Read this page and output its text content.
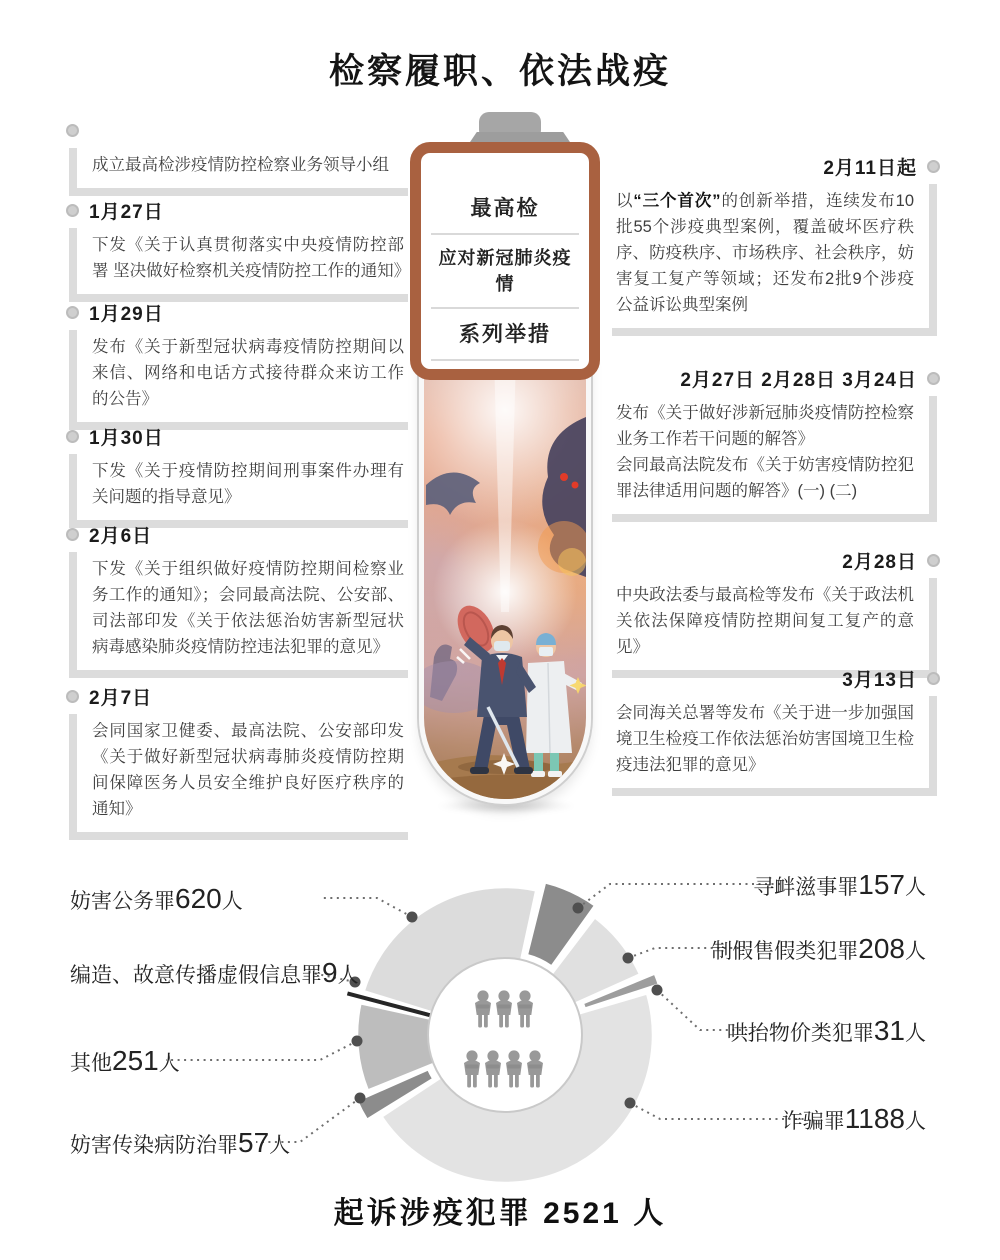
检察履职、依法战疫

成立最高检涉疫情防控检察业务领导小组

1月27日

下发《关于认真贯彻落实中央疫情防控部署 坚决做好检察机关疫情防控工作的通知》

1月29日

发布《关于新型冠状病毒疫情防控期间以来信、网络和电话方式接待群众来访工作的公告》

1月30日

下发《关于疫情防控期间刑事案件办理有关问题的指导意见》

2月6日

下发《关于组织做好疫情防控期间检察业务工作的通知》；会同最高法院、公安部、司法部印发《关于依法惩治妨害新型冠状病毒感染肺炎疫情防控违法犯罪的意见》

2月7日

会同国家卫健委、最高法院、公安部印发《关于做好新型冠状病毒肺炎疫情防控期间保障医务人员安全维护良好医疗秩序的通知》

2月11日起

以“三个首次”的创新举措，连续发布10批55个涉疫典型案例，覆盖破坏医疗秩序、防疫秩序、市场秩序、社会秩序，妨害复工复产等领域；还发布2批9个涉疫公益诉讼典型案例

2月27日 2月28日 3月24日

发布《关于做好涉新冠肺炎疫情防控检察业务工作若干问题的解答》

会同最高法院发布《关于妨害疫情防控犯罪法律适用问题的解答》(一) (二)

2月28日

中央政法委与最高检等发布《关于政法机关依法保障疫情防控期间复工复产的意见》

3月13日

会同海关总署等发布《关于进一步加强国境卫生检疫工作依法惩治妨害国境卫生检疫违法犯罪的意见》

最高检
应对新冠肺炎疫情
系列举措
妨害公务罪620人
编造、故意传播虚假信息罪9人
其他251人
妨害传染病防治罪57人
寻衅滋事罪157人
制假售假类犯罪208人
哄抬物价类犯罪31人
诈骗罪1188人
起诉涉疫犯罪 2521 人
